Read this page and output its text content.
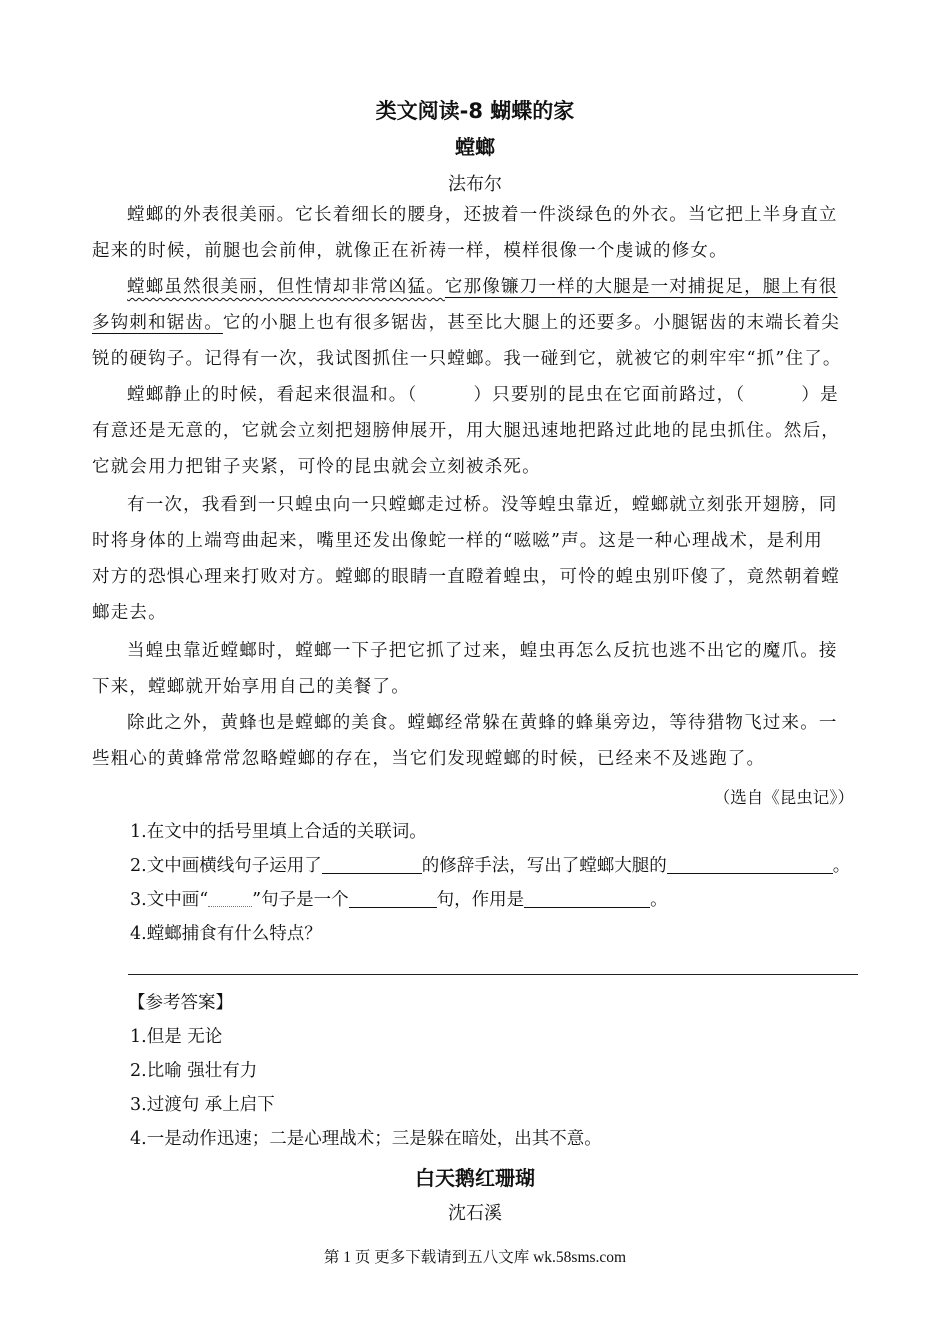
类文阅读-8 蝴蝶的家
螳螂
法布尔
螳螂的外表很美丽。它长着细长的腰身，还披着一件淡绿色的外衣。当它把上半身直立
起来的时候，前腿也会前伸，就像正在祈祷一样，模样很像一个虔诚的修女。
螳螂虽然很美丽，但性情却非常凶猛。它那像镰刀一样的大腿是一对捕捉足，腿上有很
多钩刺和锯齿。它的小腿上也有很多锯齿，甚至比大腿上的还要多。小腿锯齿的末端长着尖
锐的硬钩子。记得有一次，我试图抓住一只螳螂。我一碰到它，就被它的刺牢牢“抓”住了。
螳螂静止的时候，看起来很温和。（　　　）只要别的昆虫在它面前路过，（　　　）是
有意还是无意的，它就会立刻把翅膀伸展开，用大腿迅速地把路过此地的昆虫抓住。然后，
它就会用力把钳子夹紧，可怜的昆虫就会立刻被杀死。
有一次，我看到一只蝗虫向一只螳螂走过桥。没等蝗虫靠近，螳螂就立刻张开翅膀，同
时将身体的上端弯曲起来，嘴里还发出像蛇一样的“嗞嗞”声。这是一种心理战术，是利用
对方的恐惧心理来打败对方。螳螂的眼睛一直瞪着蝗虫，可怜的蝗虫别吓傻了，竟然朝着螳
螂走去。
当蝗虫靠近螳螂时，螳螂一下子把它抓了过来，蝗虫再怎么反抗也逃不出它的魔爪。接
下来，螳螂就开始享用自己的美餐了。
除此之外，黄蜂也是螳螂的美食。螳螂经常躲在黄蜂的蜂巢旁边，等待猎物飞过来。一
些粗心的黄蜂常常忽略螳螂的存在，当它们发现螳螂的时候，已经来不及逃跑了。
（选自《昆虫记》）
1.在文中的括号里填上合适的关联词。
2.文中画横线句子运用了	的修辞手法，写出了螳螂大腿的	。
3.文中画“	”句子是一个	句，作用是	。
4.螳螂捕食有什么特点？
【参考答案】
1.但是 无论
2.比喻 强壮有力
3.过渡句 承上启下
4.一是动作迅速；二是心理战术；三是躲在暗处，出其不意。
白天鹅红珊瑚
沈石溪
第 1 页 更多下载请到五八文库 wk.58sms.com
